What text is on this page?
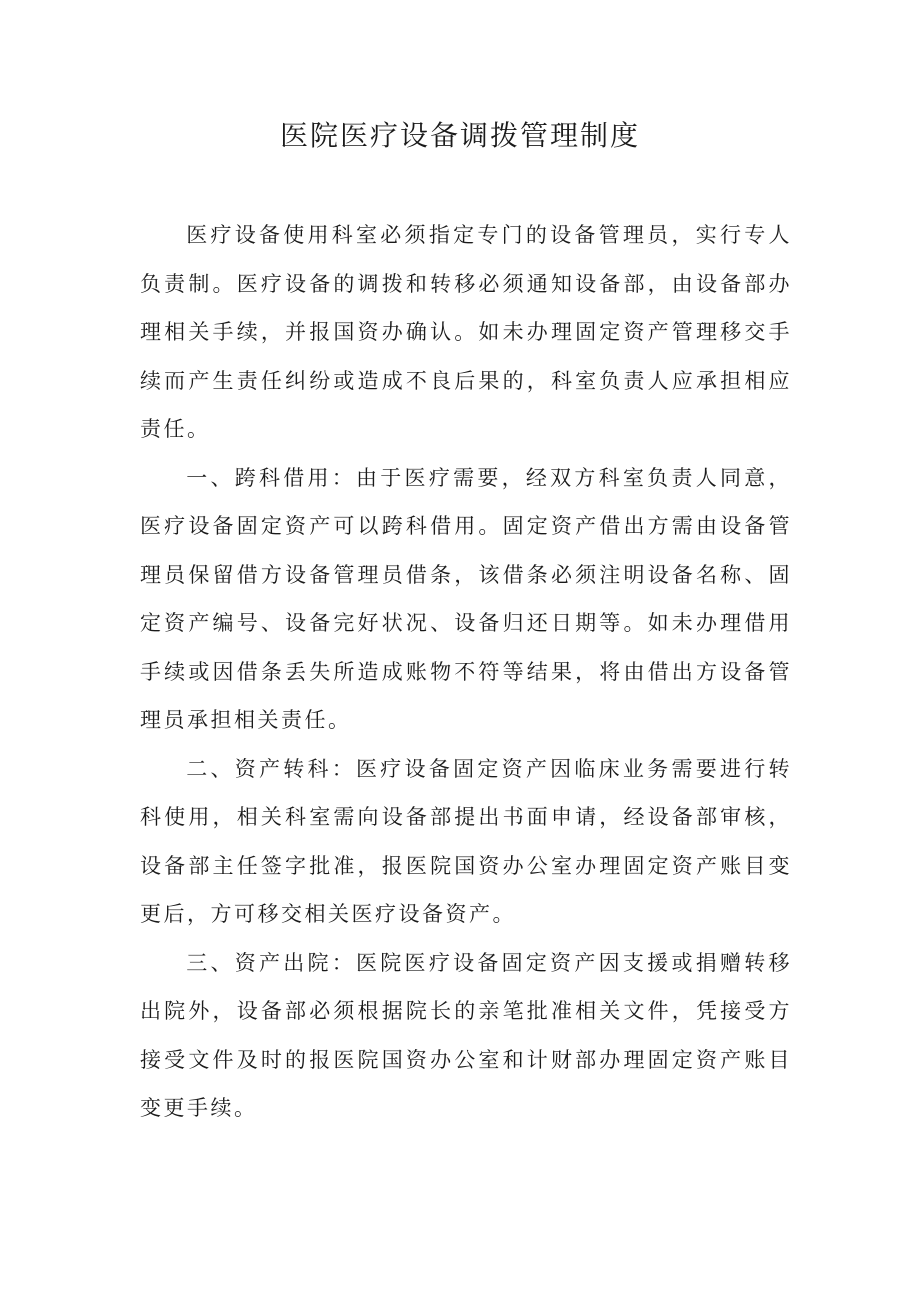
医院医疗设备调拨管理制度

医疗设备使用科室必须指定专门的设备管理员，实行专人负责制。医疗设备的调拨和转移必须通知设备部，由设备部办理相关手续，并报国资办确认。如未办理固定资产管理移交手续而产生责任纠纷或造成不良后果的，科室负责人应承担相应责任。

一、跨科借用：由于医疗需要，经双方科室负责人同意，医疗设备固定资产可以跨科借用。固定资产借出方需由设备管理员保留借方设备管理员借条，该借条必须注明设备名称、固定资产编号、设备完好状况、设备归还日期等。如未办理借用手续或因借条丢失所造成账物不符等结果，将由借出方设备管理员承担相关责任。

二、资产转科：医疗设备固定资产因临床业务需要进行转科使用，相关科室需向设备部提出书面申请，经设备部审核，设备部主任签字批准，报医院国资办公室办理固定资产账目变更后，方可移交相关医疗设备资产。

三、资产出院：医院医疗设备固定资产因支援或捐赠转移出院外，设备部必须根据院长的亲笔批准相关文件，凭接受方接受文件及时的报医院国资办公室和计财部办理固定资产账目变更手续。
